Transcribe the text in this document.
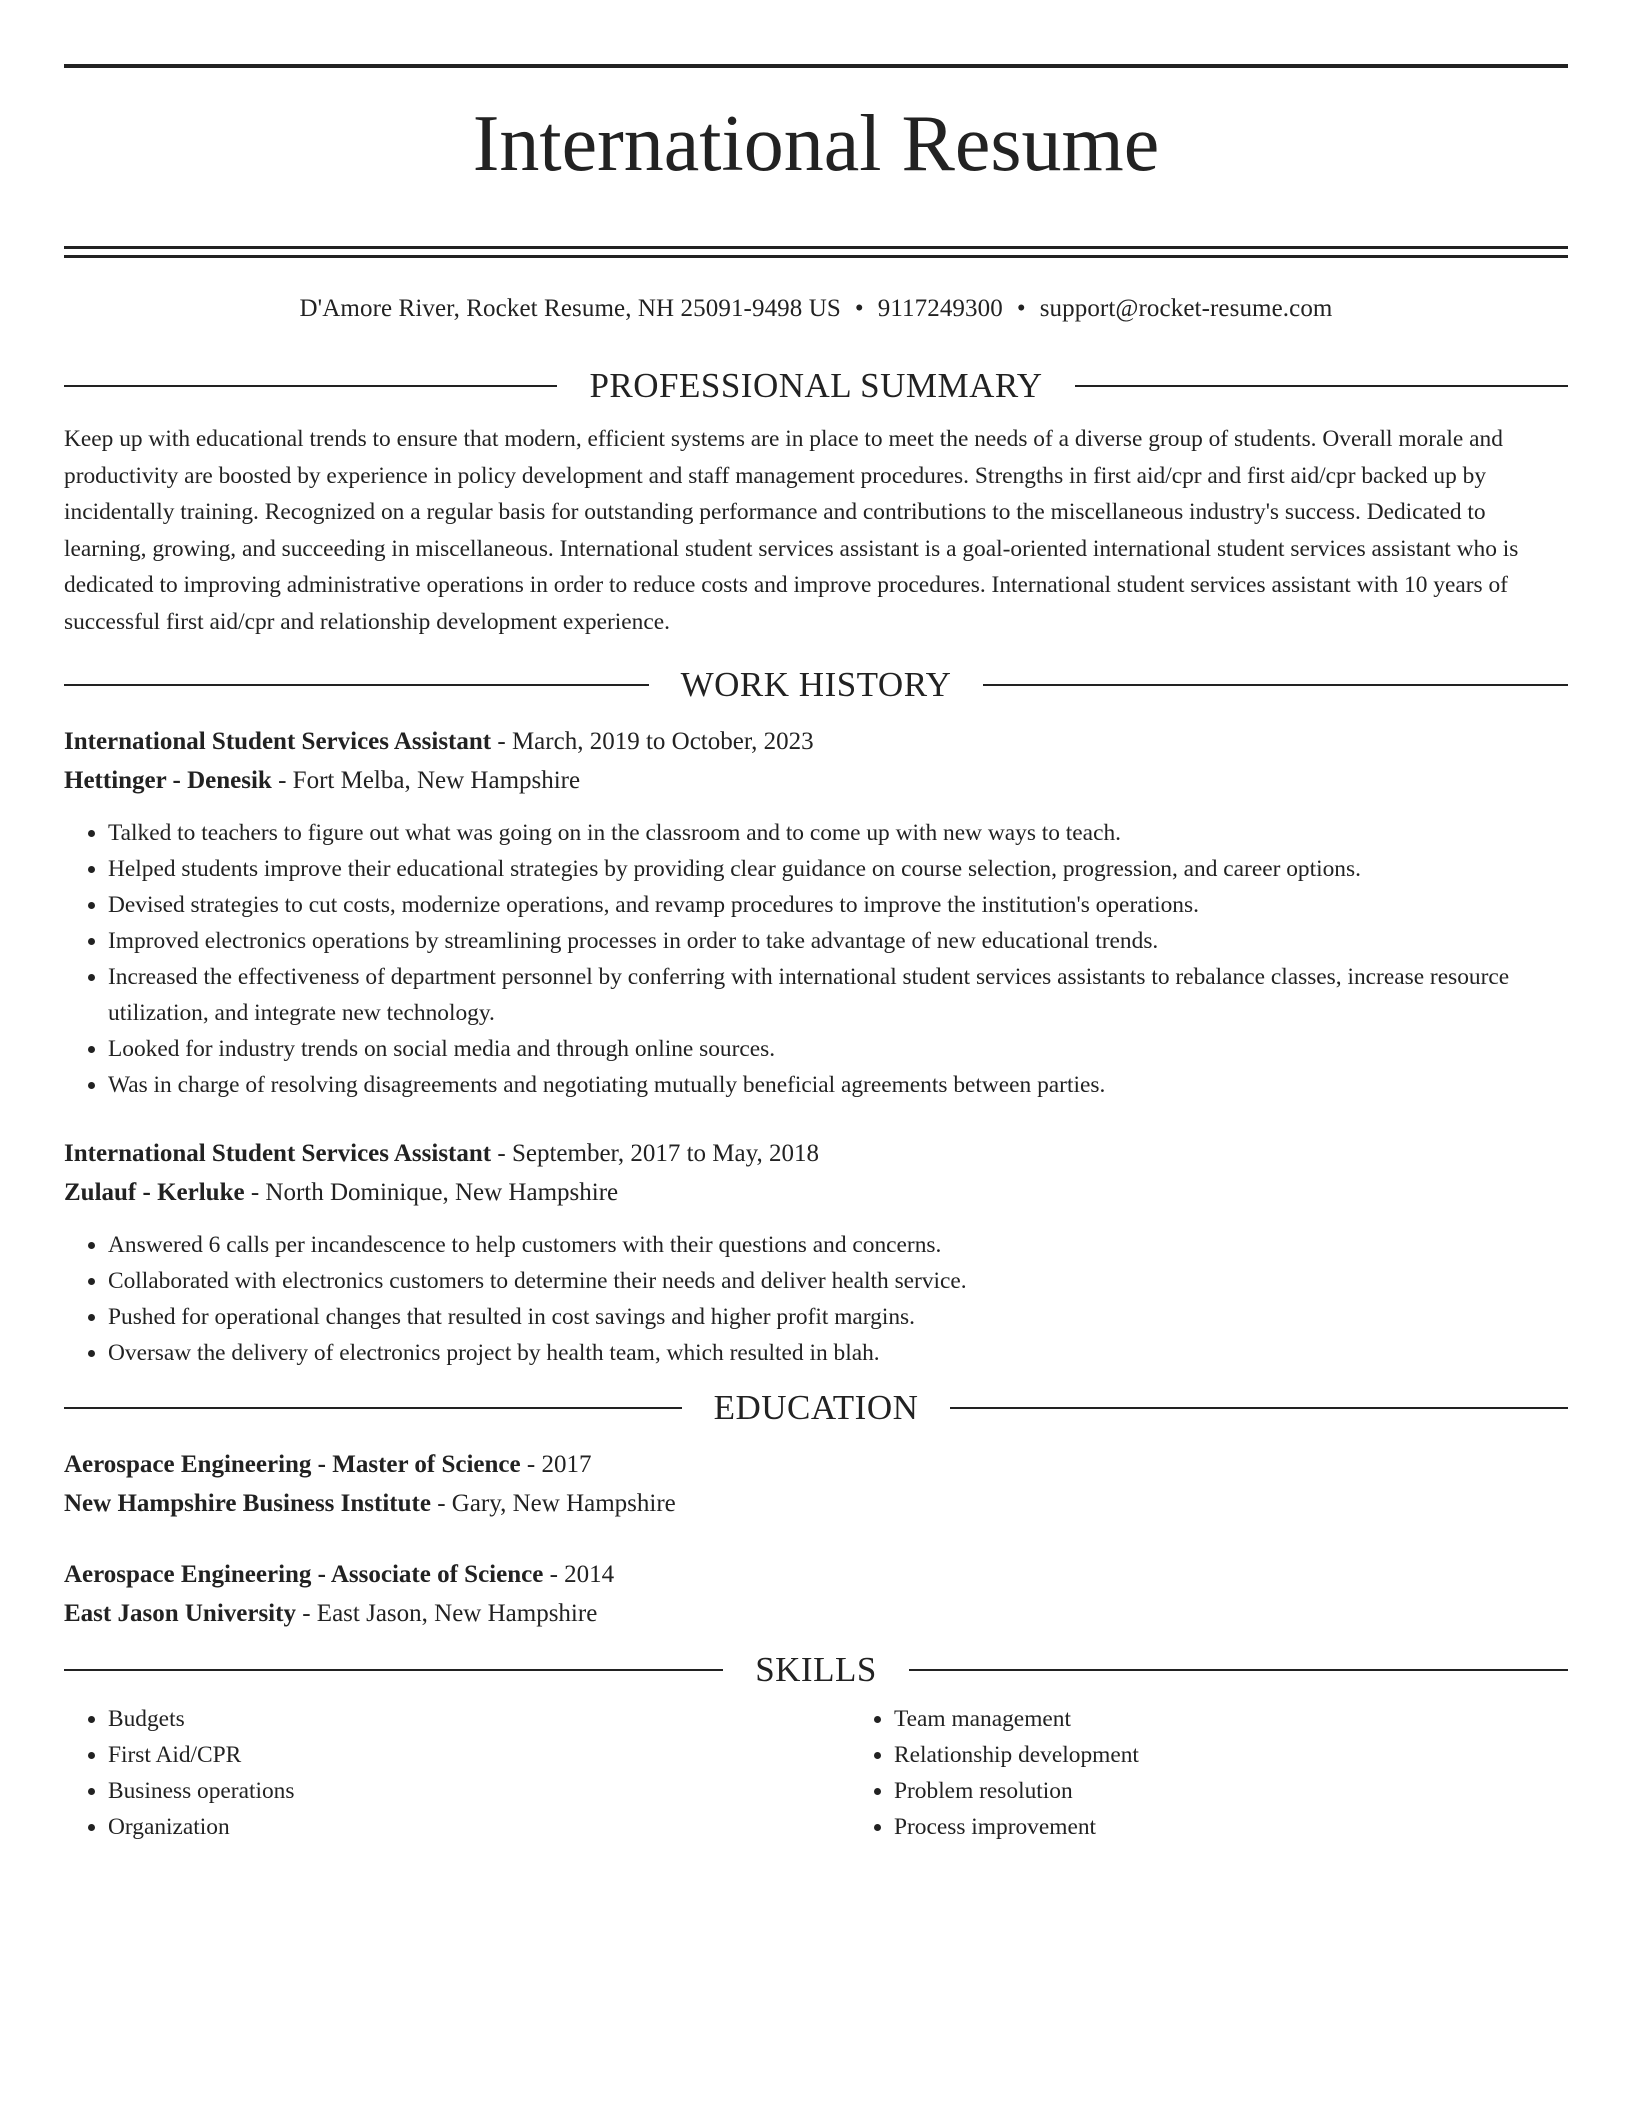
International Resume
D'Amore River, Rocket Resume, NH 25091-9498 US • 9117249300 • support@rocket-resume.com
PROFESSIONAL SUMMARY

Keep up with educational trends to ensure that modern, efficient systems are in place to meet the needs of a diverse group of students. Overall morale and productivity are boosted by experience in policy development and staff management procedures. Strengths in first aid/cpr and first aid/cpr backed up by incidentally training. Recognized on a regular basis for outstanding performance and contributions to the miscellaneous industry's success. Dedicated to learning, growing, and succeeding in miscellaneous. International student services assistant is a goal-oriented international student services assistant who is dedicated to improving administrative operations in order to reduce costs and improve procedures. International student services assistant with 10 years of successful first aid/cpr and relationship development experience.

WORK HISTORY
International Student Services Assistant - March, 2019 to October, 2023
Hettinger - Denesik - Fort Melba, New Hampshire
• Talked to teachers to figure out what was going on in the classroom and to come up with new ways to teach.
• Helped students improve their educational strategies by providing clear guidance on course selection, progression, and career options.
• Devised strategies to cut costs, modernize operations, and revamp procedures to improve the institution's operations.
• Improved electronics operations by streamlining processes in order to take advantage of new educational trends.
• Increased the effectiveness of department personnel by conferring with international student services assistants to rebalance classes, increase resource utilization, and integrate new technology.
• Looked for industry trends on social media and through online sources.
• Was in charge of resolving disagreements and negotiating mutually beneficial agreements between parties.
International Student Services Assistant - September, 2017 to May, 2018
Zulauf - Kerluke - North Dominique, New Hampshire
• Answered 6 calls per incandescence to help customers with their questions and concerns.
• Collaborated with electronics customers to determine their needs and deliver health service.
• Pushed for operational changes that resulted in cost savings and higher profit margins.
• Oversaw the delivery of electronics project by health team, which resulted in blah.
EDUCATION
Aerospace Engineering - Master of Science - 2017
New Hampshire Business Institute - Gary, New Hampshire
Aerospace Engineering - Associate of Science - 2014
East Jason University - East Jason, New Hampshire
SKILLS
• Budgets
• First Aid/CPR
• Business operations
• Organization
• Team management
• Relationship development
• Problem resolution
• Process improvement
